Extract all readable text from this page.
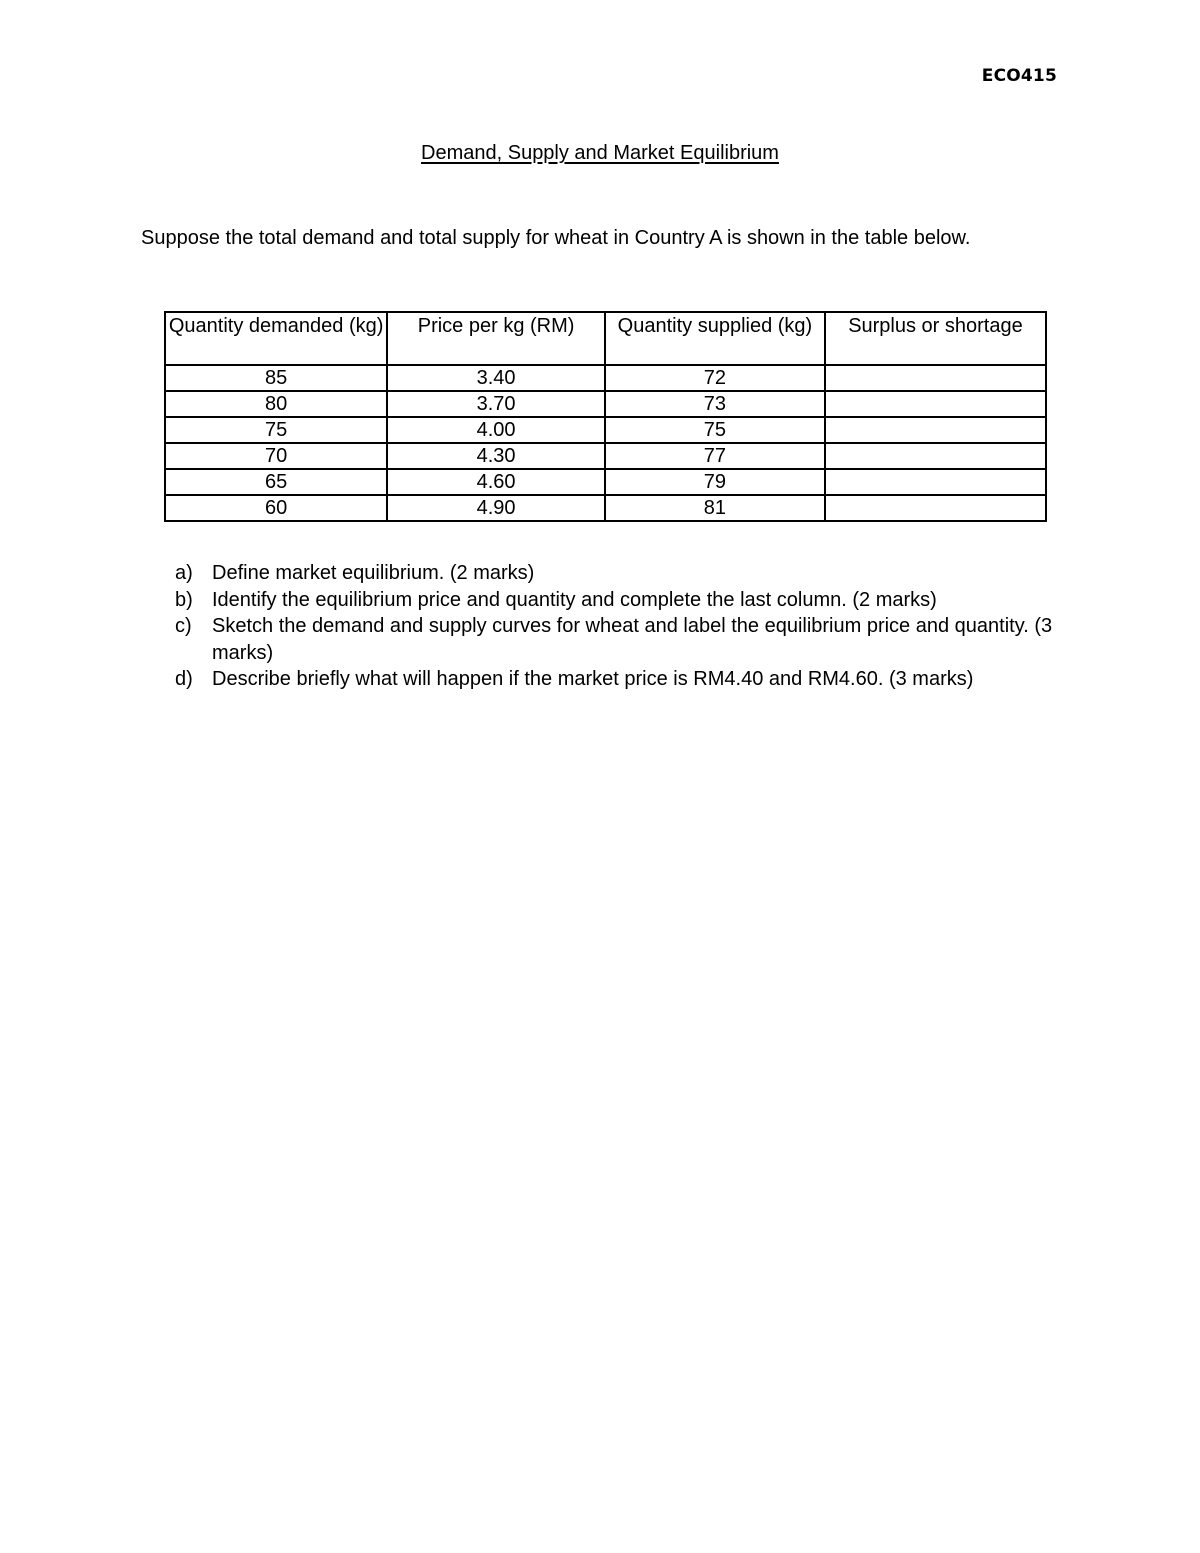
ECO415
Demand, Supply and Market Equilibrium
Suppose the total demand and total supply for wheat in Country A is shown in the table below.
Quantity demanded (kg)	Price per kg (RM)	Quantity supplied (kg)	Surplus or shortage
85	3.40	72	
80	3.70	73	
75	4.00	75	
70	4.30	77	
65	4.60	79	
60	4.90	81	
a) Define market equilibrium. (2 marks)
b) Identify the equilibrium price and quantity and complete the last column. (2 marks)
c)	Sketch the demand and supply curves for wheat and label the equilibrium price and quantity. (3 marks)
d) Describe briefly what will happen if the market price is RM4.40 and RM4.60. (3 marks)
